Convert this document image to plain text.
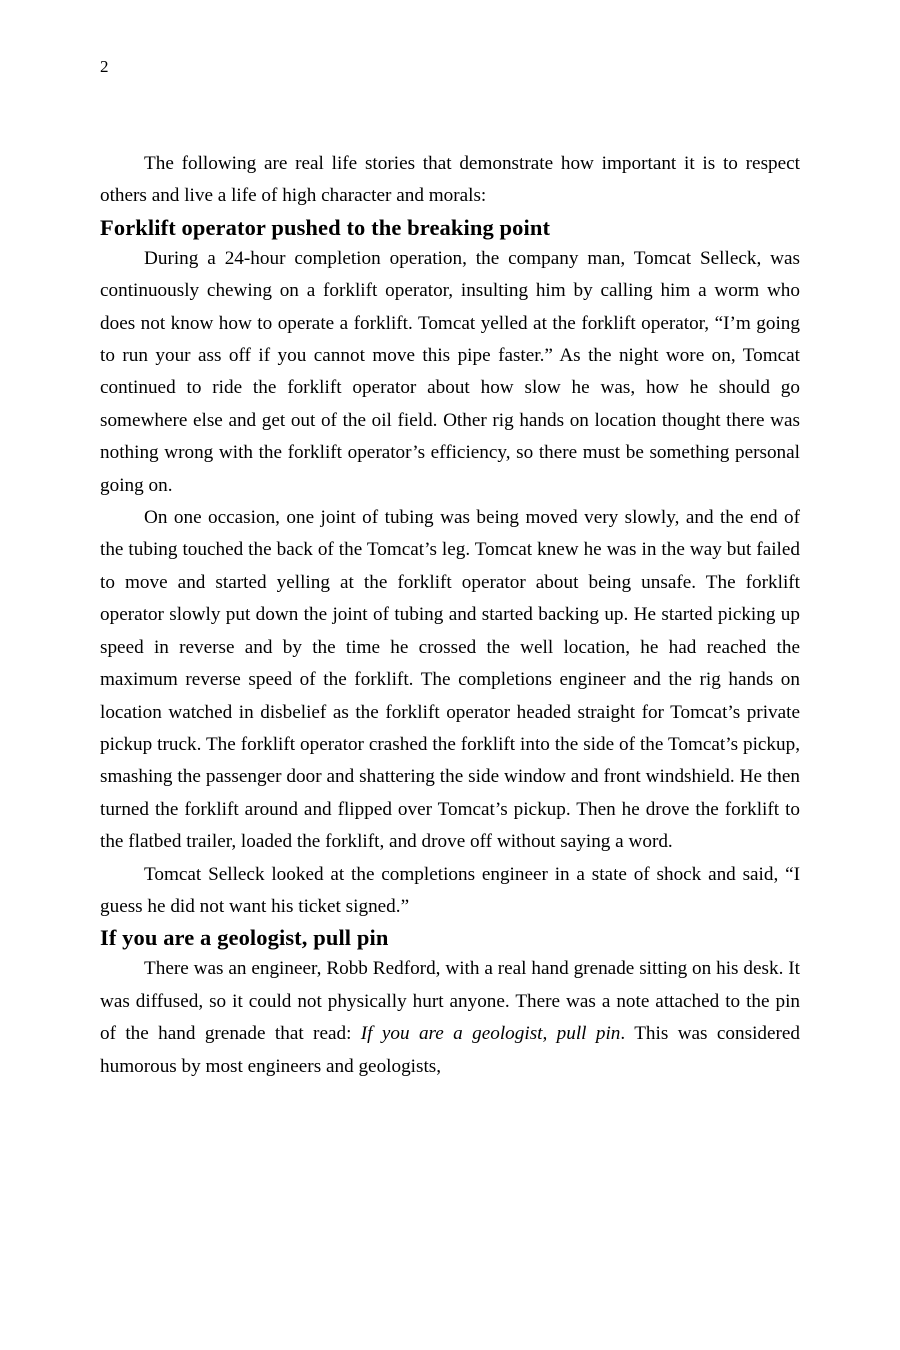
2

The following are real life stories that demonstrate how important it is to respect others and live a life of high character and morals:

Forklift operator pushed to the breaking point

During a 24-hour completion operation, the company man, Tomcat Selleck, was continuously chewing on a forklift operator, insulting him by calling him a worm who does not know how to operate a forklift. Tomcat yelled at the forklift operator, “I’m going to run your ass off if you cannot move this pipe faster.” As the night wore on, Tomcat continued to ride the forklift operator about how slow he was, how he should go somewhere else and get out of the oil field. Other rig hands on location thought there was nothing wrong with the forklift operator’s efficiency, so there must be something personal going on.

On one occasion, one joint of tubing was being moved very slowly, and the end of the tubing touched the back of the Tomcat’s leg. Tomcat knew he was in the way but failed to move and started yelling at the forklift operator about being unsafe. The forklift operator slowly put down the joint of tubing and started backing up. He started picking up speed in reverse and by the time he crossed the well location, he had reached the maximum reverse speed of the forklift. The completions engineer and the rig hands on location watched in disbelief as the forklift operator headed straight for Tomcat’s private pickup truck. The forklift operator crashed the forklift into the side of the Tomcat’s pickup, smashing the passenger door and shattering the side window and front windshield. He then turned the forklift around and flipped over Tomcat’s pickup. Then he drove the forklift to the flatbed trailer, loaded the forklift, and drove off without saying a word.

Tomcat Selleck looked at the completions engineer in a state of shock and said, “I guess he did not want his ticket signed.”

If you are a geologist, pull pin

There was an engineer, Robb Redford, with a real hand grenade sitting on his desk. It was diffused, so it could not physically hurt anyone. There was a note attached to the pin of the hand grenade that read: If you are a geologist, pull pin. This was considered humorous by most engineers and geologists,
